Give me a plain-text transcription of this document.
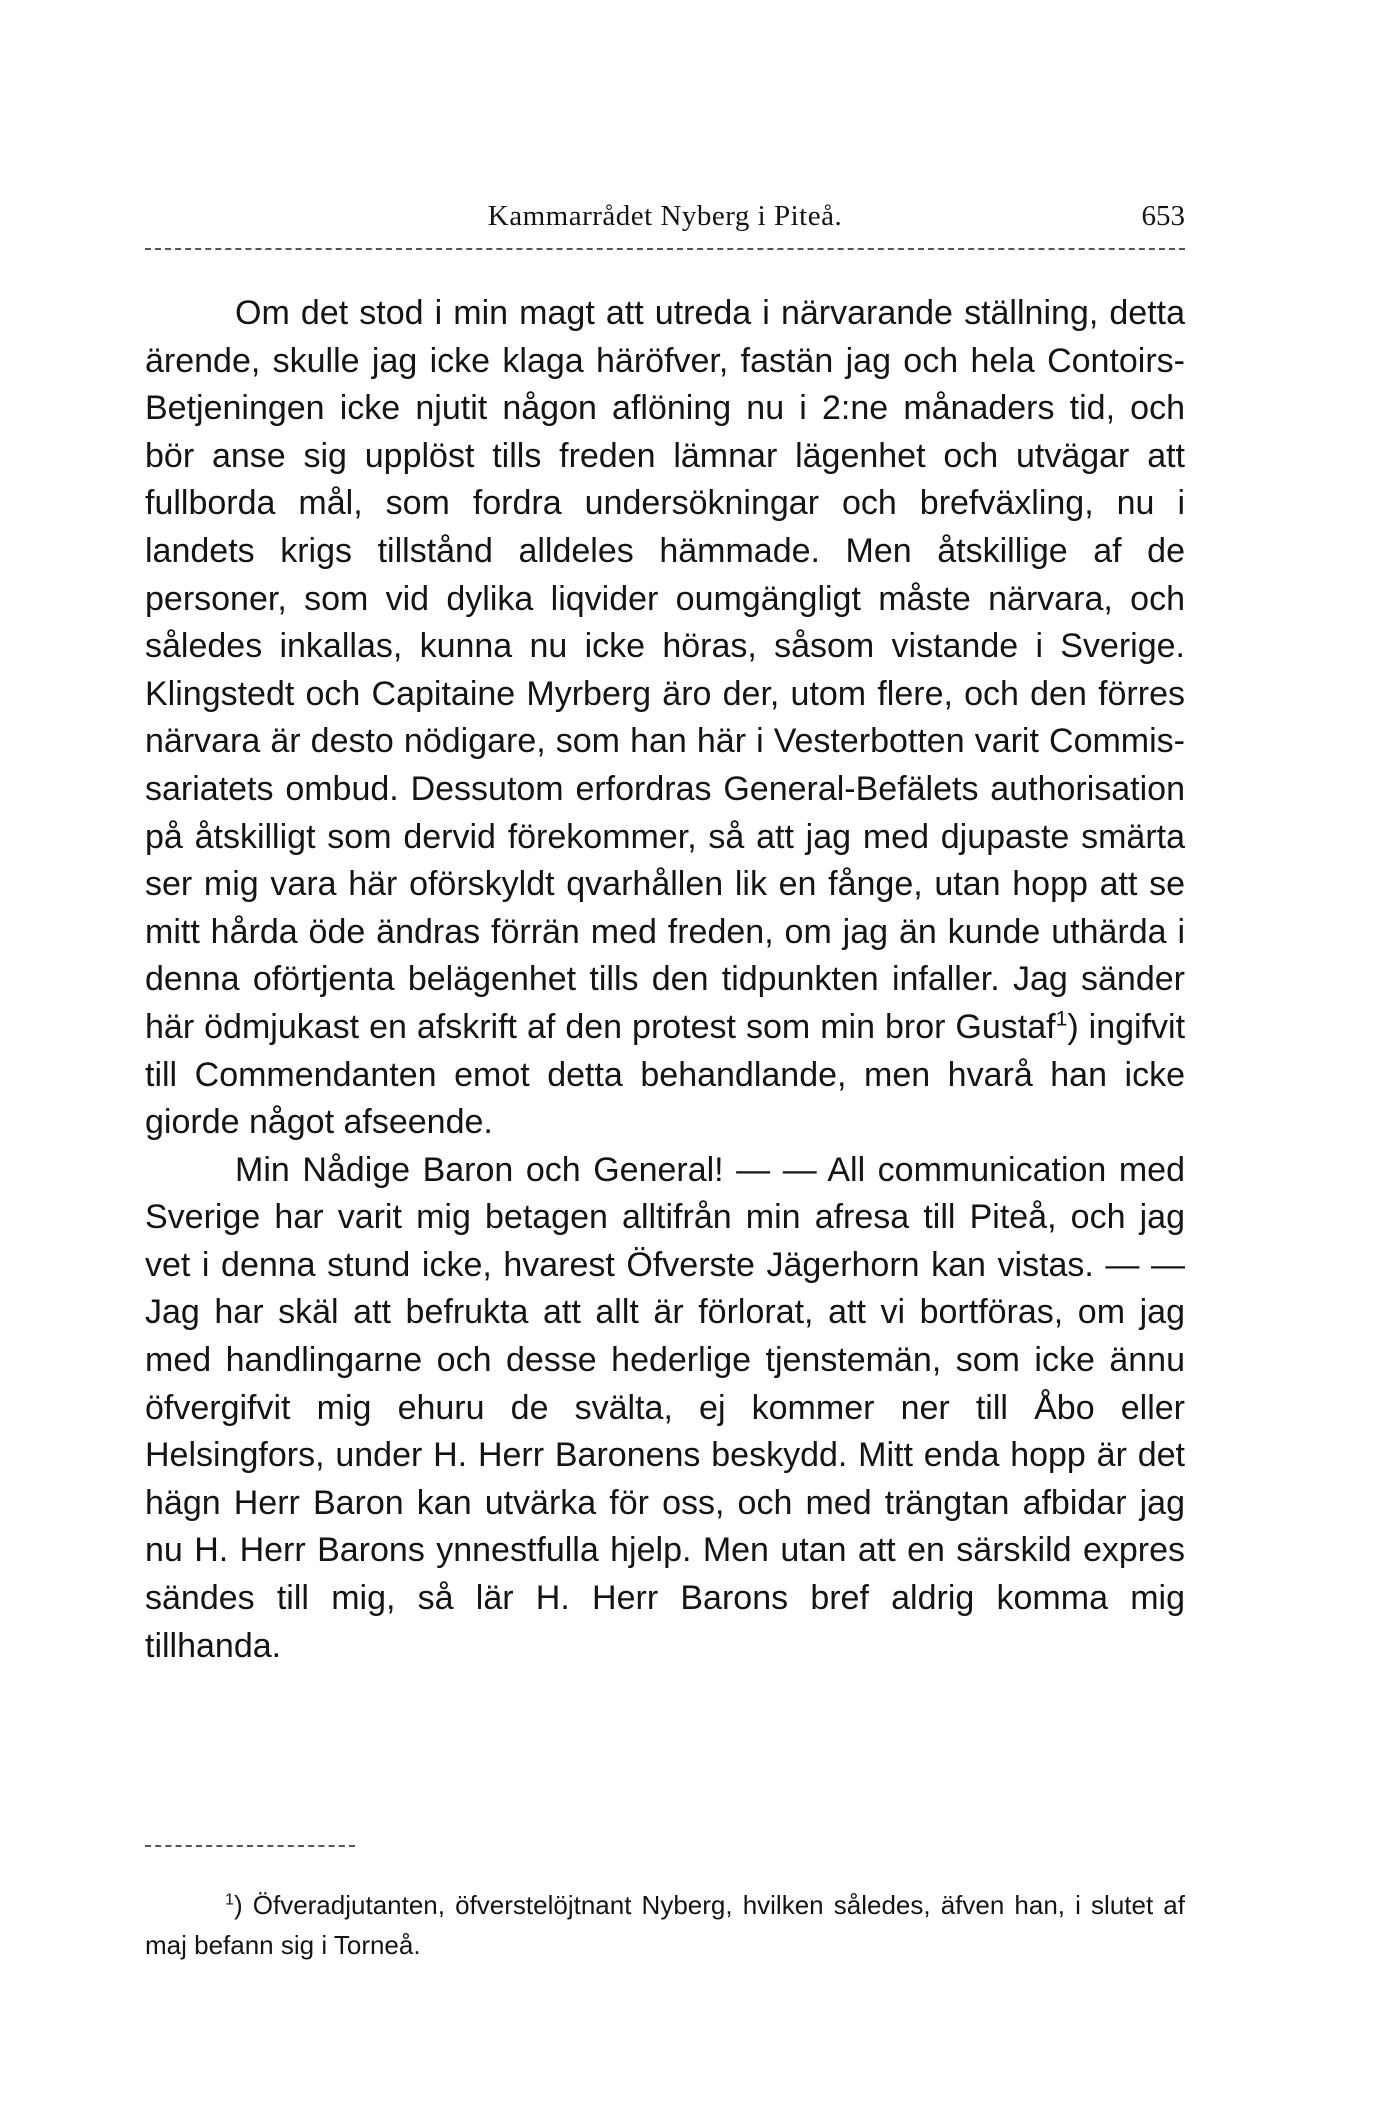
Kammarrådet Nyberg i Piteå.	653

Om det stod i min magt att utreda i närvarande ställning, detta ärende, skulle jag icke klaga häröfver, fastän jag och hela Contoirs-Betjeningen icke njutit någon aflöning nu i 2:ne månaders tid, och bör anse sig upplöst tills freden lämnar lägenhet och utvägar att fullborda mål, som fordra undersökningar och brefväxling, nu i landets krigs tillstånd alldeles hämmade. Men åtskillige af de personer, som vid dylika liqvider oumgängligt måste närvara, och således inkallas, kunna nu icke höras, såsom vistande i Sverige. Klingstedt och Capitaine Myrberg äro der, utom flere, och den förres närvara är desto nödigare, som han här i Vesterbotten varit Commissariatets ombud. Dessutom erfordras General-Befälets authorisation på åtskilligt som dervid förekommer, så att jag med djupaste smärta ser mig vara här oförskyldt qvarhållen lik en fånge, utan hopp att se mitt hårda öde ändras förrän med freden, om jag än kunde uthärda i denna oförtjenta belägenhet tills den tidpunkten infaller. Jag sänder här ödmjukast en afskrift af den protest som min bror Gustaf$^1$) ingifvit till Commendanten emot detta behandlande, men hvarå han icke giorde något afseende.

Min Nådige Baron och General! — — All communication med Sverige har varit mig betagen alltifrån min afresa till Piteå, och jag vet i denna stund icke, hvarest Öfverste Jägerhorn kan vistas. — — Jag har skäl att befrukta att allt är förlorat, att vi bortföras, om jag med handlingarne och desse hederlige tjenstemän, som icke ännu öfvergifvit mig ehuru de svälta, ej kommer ner till Åbo eller Helsingfors, under H. Herr Baronens beskydd. Mitt enda hopp är det hägn Herr Baron kan utvärka för oss, och med trängtan afbidar jag nu H. Herr Barons ynnestfulla hjelp. Men utan att en särskild expres sändes till mig, så lär H. Herr Barons bref aldrig komma mig tillhanda.

$^1$) Öfveradjutanten, öfverstelöjtnant Nyberg, hvilken således, äfven han, i slutet af maj befann sig i Torneå.
